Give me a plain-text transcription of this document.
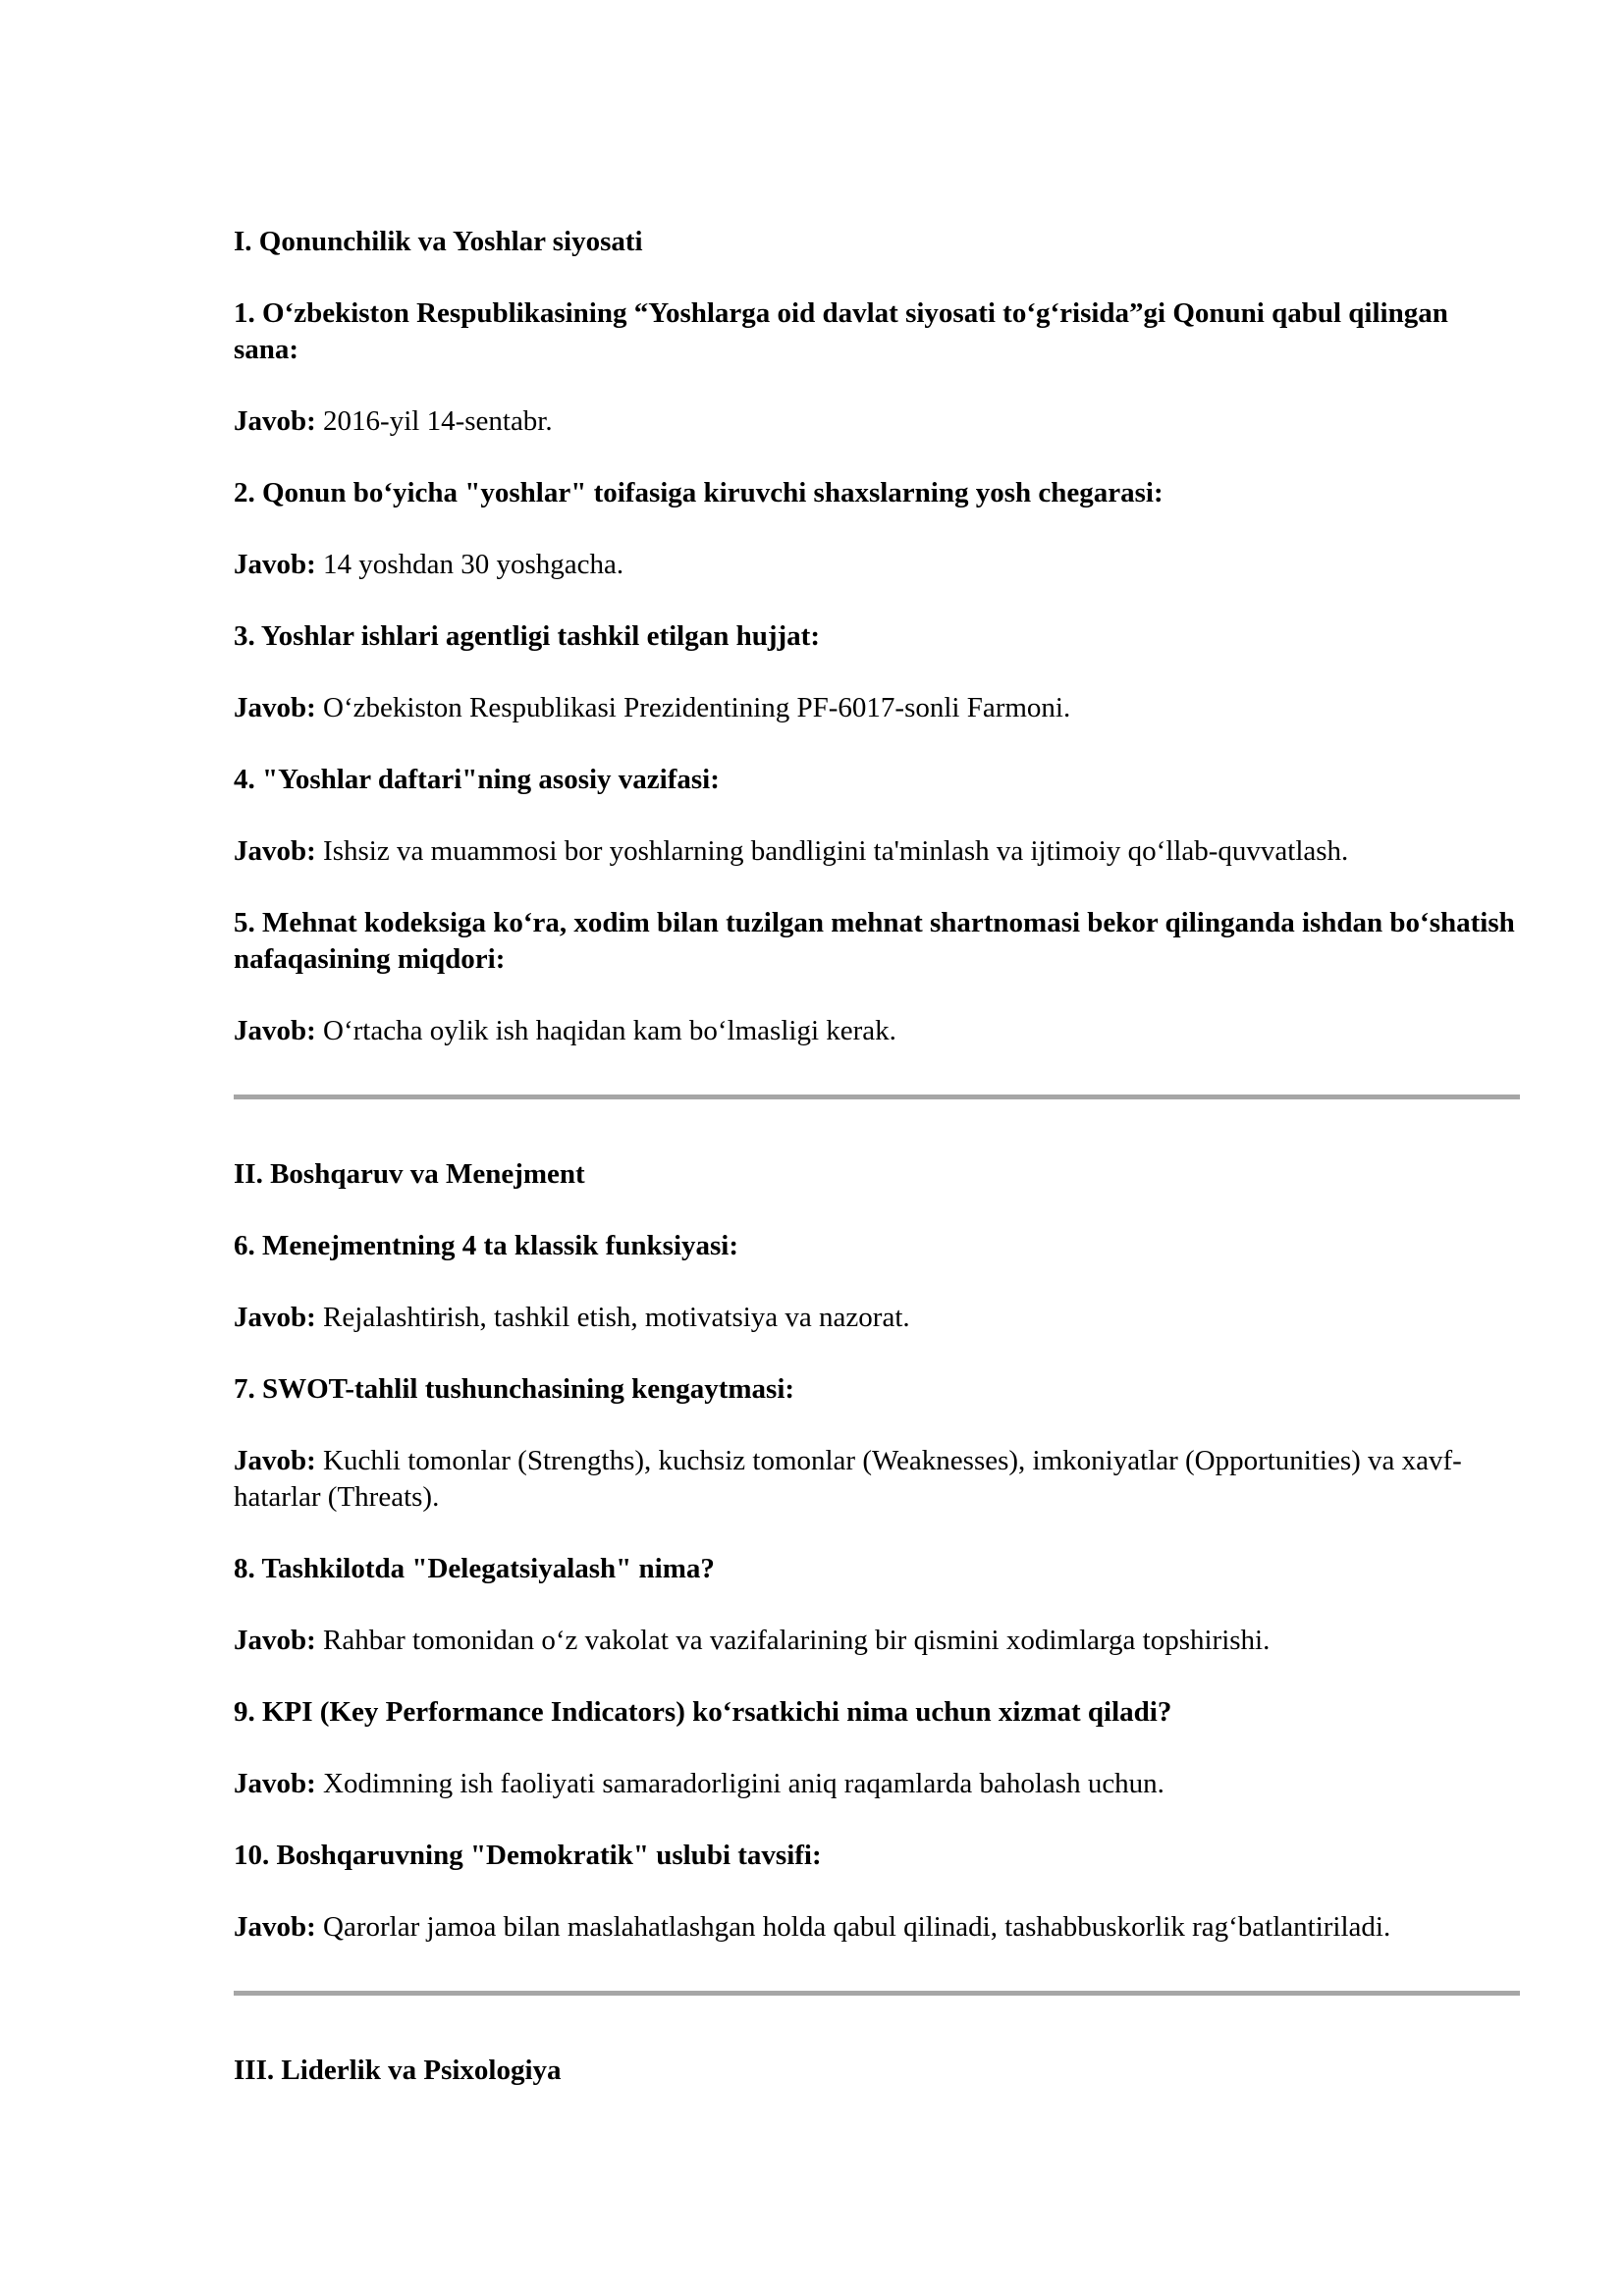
I. Qonunchilik va Yoshlar siyosati
1. O‘zbekiston Respublikasining “Yoshlarga oid davlat siyosati to‘g‘risida”gi Qonuni qabul qilingan sana:
Javob: 2016-yil 14-sentabr.
2. Qonun bo‘yicha "yoshlar" toifasiga kiruvchi shaxslarning yosh chegarasi:
Javob: 14 yoshdan 30 yoshgacha.
3. Yoshlar ishlari agentligi tashkil etilgan hujjat:
Javob: O‘zbekiston Respublikasi Prezidentining PF-6017-sonli Farmoni.
4. "Yoshlar daftari"ning asosiy vazifasi:
Javob: Ishsiz va muammosi bor yoshlarning bandligini ta'minlash va ijtimoiy qo‘llab-quvvatlash.
5. Mehnat kodeksiga ko‘ra, xodim bilan tuzilgan mehnat shartnomasi bekor qilinganda ishdan bo‘shatish nafaqasining miqdori:
Javob: O‘rtacha oylik ish haqidan kam bo‘lmasligi kerak.
II. Boshqaruv va Menejment
6. Menejmentning 4 ta klassik funksiyasi:
Javob: Rejalashtirish, tashkil etish, motivatsiya va nazorat.
7. SWOT-tahlil tushunchasining kengaytmasi:
Javob: Kuchli tomonlar (Strengths), kuchsiz tomonlar (Weaknesses), imkoniyatlar (Opportunities) va xavf-hatarlar (Threats).
8. Tashkilotda "Delegatsiyalash" nima?
Javob: Rahbar tomonidan o‘z vakolat va vazifalarining bir qismini xodimlarga topshirishi.
9. KPI (Key Performance Indicators) ko‘rsatkichi nima uchun xizmat qiladi?
Javob: Xodimning ish faoliyati samaradorligini aniq raqamlarda baholash uchun.
10. Boshqaruvning "Demokratik" uslubi tavsifi:
Javob: Qarorlar jamoa bilan maslahatlashgan holda qabul qilinadi, tashabbuskorlik rag‘batlantiriladi.
III. Liderlik va Psixologiya
